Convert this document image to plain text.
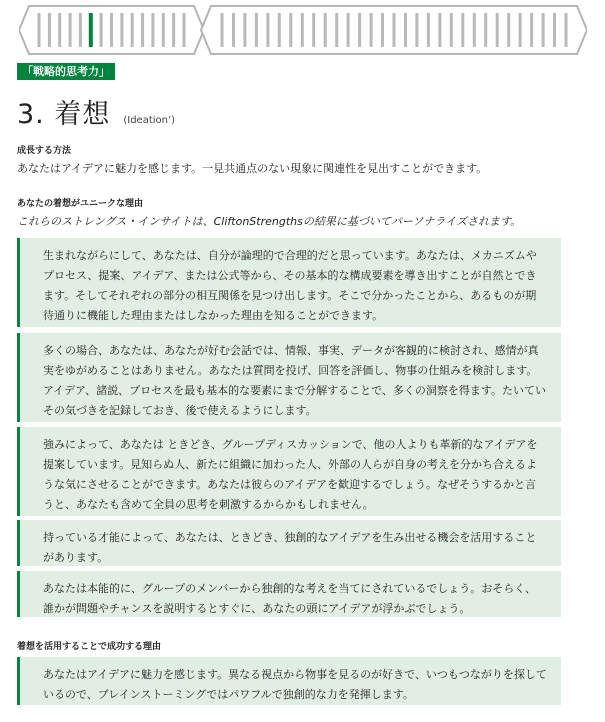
「戦略的思考力」
3. 着想 (Ideation’)
成長する方法
あなたはアイデアに魅力を感じます。一見共通点のない現象に関連性を見出すことができます。
あなたの着想がユニークな理由
これらのストレングス・インサイトは、CliftonStrengthsの結果に基づいてパーソナライズされます。
生まれながらにして、あなたは、自分が論理的で合理的だと思っています。あなたは、メカニズムやプロセス、提案、アイデア、または公式等から、その基本的な構成要素を導き出すことが自然とできます。そしてそれぞれの部分の相互関係を見つけ出します。そこで分かったことから、あるものが期待通りに機能した理由またはしなかった理由を知ることができます。
多くの場合、あなたは、あなたが好む会話では、情報、事実、データが客観的に検討され、感情が真実をゆがめることはありません。あなたは質問を投げ、回答を評価し、物事の仕組みを検討します。アイデア、諸説、プロセスを最も基本的な要素にまで分解することで、多くの洞察を得ます。たいていその気づきを記録しておき、後で使えるようにします。
強みによって、あなたは ときどき、グループディスカッションで、他の人よりも革新的なアイデアを提案しています。見知らぬ人、新たに組織に加わった人、外部の人らが自身の考えを分かち合えるような気にさせることができます。あなたは彼らのアイデアを歓迎するでしょう。なぜそうするかと言うと、あなたも含めて全員の思考を刺激するからかもしれません。
持っている才能によって、あなたは、ときどき、独創的なアイデアを生み出せる機会を活用することがあります。
あなたは本能的に、グループのメンバーから独創的な考えを当てにされているでしょう。おそらく、誰かが問題やチャンスを説明するとすぐに、あなたの頭にアイデアが浮かぶでしょう。
着想を活用することで成功する理由
あなたはアイデアに魅力を感じます。異なる視点から物事を見るのが好きで、いつもつながりを探しているので、ブレインストーミングではパワフルで独創的な力を発揮します。
